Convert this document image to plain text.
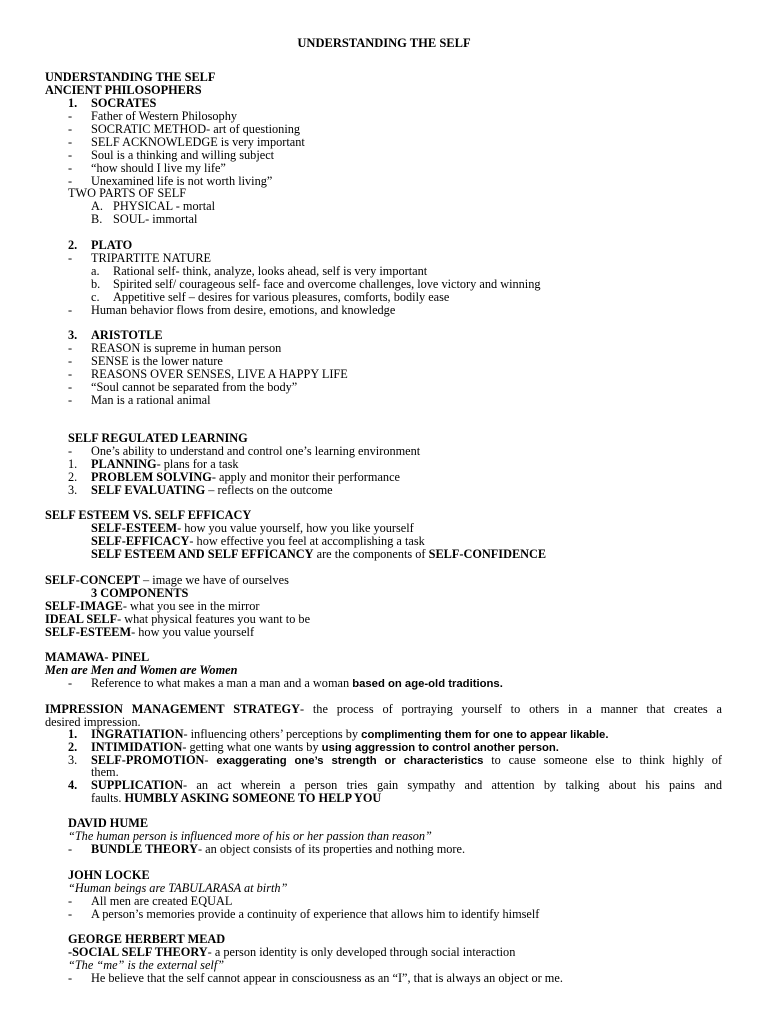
UNDERSTANDING THE SELF
UNDERSTANDING THE SELF
ANCIENT PHILOSOPHERS
1. SOCRATES
- Father of Western Philosophy
- SOCRATIC METHOD- art of questioning
- SELF ACKNOWLEDGE is very important
- Soul is a thinking and willing subject
- “how should I live my life”
- Unexamined life is not worth living”
TWO PARTS OF SELF
A. PHYSICAL - mortal
B. SOUL- immortal
2. PLATO
- TRIPARTITE NATURE
a. Rational self- think, analyze, looks ahead, self is very important
b. Spirited self/ courageous self- face and overcome challenges, love victory and winning
c. Appetitive self – desires for various pleasures, comforts, bodily ease
- Human behavior flows from desire, emotions, and knowledge
3. ARISTOTLE
- REASON is supreme in human person
- SENSE is the lower nature
- REASONS OVER SENSES, LIVE A HAPPY LIFE
- “Soul cannot be separated from the body”
- Man is a rational animal
SELF REGULATED LEARNING
- One’s ability to understand and control one’s learning environment
1. PLANNING- plans for a task
2. PROBLEM SOLVING- apply and monitor their performance
3. SELF EVALUATING – reflects on the outcome
SELF ESTEEM VS. SELF EFFICACY
SELF-ESTEEM- how you value yourself, how you like yourself
SELF-EFFICACY- how effective you feel at accomplishing a task
SELF ESTEEM AND SELF EFFICANCY are the components of SELF-CONFIDENCE
SELF-CONCEPT – image we have of ourselves
3 COMPONENTS
SELF-IMAGE- what you see in the mirror
IDEAL SELF- what physical features you want to be
SELF-ESTEEM- how you value yourself
MAMAWA- PINEL
Men are Men and Women are Women
- Reference to what makes a man a man and a woman based on age-old traditions.
IMPRESSION MANAGEMENT STRATEGY- the process of portraying yourself to others in a manner that creates a
desired impression.
1. INGRATIATION- influencing others’ perceptions by complimenting them for one to appear likable.
2. INTIMIDATION- getting what one wants by using aggression to control another person.
3. SELF-PROMOTION- exaggerating one’s strength or characteristics to cause someone else to think highly of
them.
4. SUPPLICATION- an act wherein a person tries gain sympathy and attention by talking about his pains and
faults. HUMBLY ASKING SOMEONE TO HELP YOU
DAVID HUME
“The human person is influenced more of his or her passion than reason”
- BUNDLE THEORY- an object consists of its properties and nothing more.
JOHN LOCKE
“Human beings are TABULARASA at birth”
- All men are created EQUAL
- A person’s memories provide a continuity of experience that allows him to identify himself
GEORGE HERBERT MEAD
-SOCIAL SELF THEORY- a person identity is only developed through social interaction
“The “me” is the external self”
- He believe that the self cannot appear in consciousness as an “I”, that is always an object or me.
